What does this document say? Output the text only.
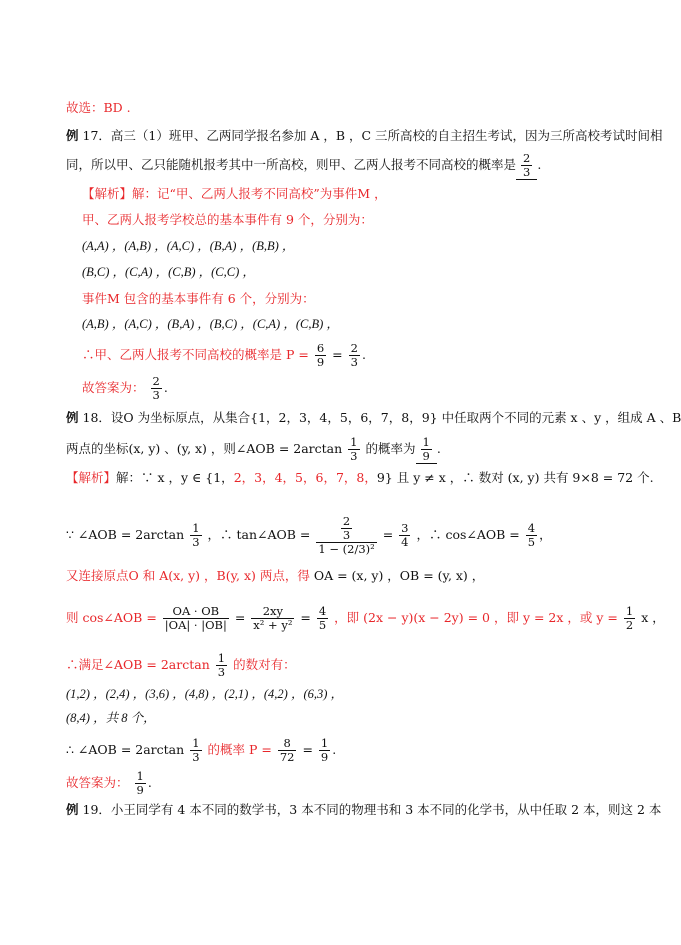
故选：BD .
例 17．高三（1）班甲、乙两同学报名参加 A ，B ，C 三所高校的自主招生考试，因为三所高校考试时间相
同，所以甲、乙只能随机报考其中一所高校，则甲、乙两人报考不同高校的概率是 $\frac{2}{3}$ .
【解析】解：记“甲、乙两人报考不同高校”为事件M ，
甲、乙两人报考学校总的基本事件有 9 个，分别为：
(A,A) ，(A,B) ，(A,C) ，(B,A) ，(B,B) ，
(B,C) ，(C,A) ，(C,B) ，(C,C) ，
事件M 包含的基本事件有 6 个，分别为：
(A,B) ，(A,C) ，(B,A) ，(B,C) ，(C,A) ，(C,B) ，
∴甲、乙两人报考不同高校的概率是 $P = \frac{6}{9} = \frac{2}{3}$ .
故答案为： $\frac{2}{3}$ .
例 18．设O 为坐标原点，从集合{1，2，3，4，5，6，7，8，9} 中任取两个不同的元素 x 、y ，组成 A 、B
两点的坐标(x, y) 、(y, x) ，则∠AOB = $2\arctan \frac{1}{3}$ 的概率为 $\frac{1}{9}$ .
【解析】解：∵ x ，y ∈ {1，2，3，4，5，6，7，8，9} 且 y ≠ x ，∴ 数对 (x, y) 共有 9×8 = 72 个.
∵ ∠AOB = $2\arctan \frac{1}{3}$ ，∴ tan∠AOB = $\frac{\frac{2}{3}}{\text{1 − (2/3)²}} = \frac{3}{4}$ ，∴ cos∠AOB = $\frac{4}{5}$ ，
又连接原点O 和 A(x, y) ，B(y, x) 两点，得 OA = (x, y) ，OB = (y, x) ，
则 cos∠AOB = $\frac{OA \cdot OB}{|OA| \cdot |OB|} = \frac{2xy}{\text{x² + y²}} = \frac{4}{5}$ ，即 (2x − y)(x − 2y) = 0 ，即 y = 2x ，或 $y = \frac{1}{2}$ x ，
∴满足∠AOB = $2\arctan \frac{1}{3}$ 的数对有：
(1,2) ，(2,4) ，(3,6) ，(4,8) ，(2,1) ，(4,2) ，(6,3) ，
(8,4) ，共 8 个，
∴ ∠AOB = $2\arctan \frac{1}{3}$ 的概率 $P = \frac{8}{72} = \frac{1}{9}$ .
故答案为： $\frac{1}{9}$ .
例 19．小王同学有 4 本不同的数学书，3 本不同的物理书和 3 本不同的化学书，从中任取 2 本，则这 2 本
